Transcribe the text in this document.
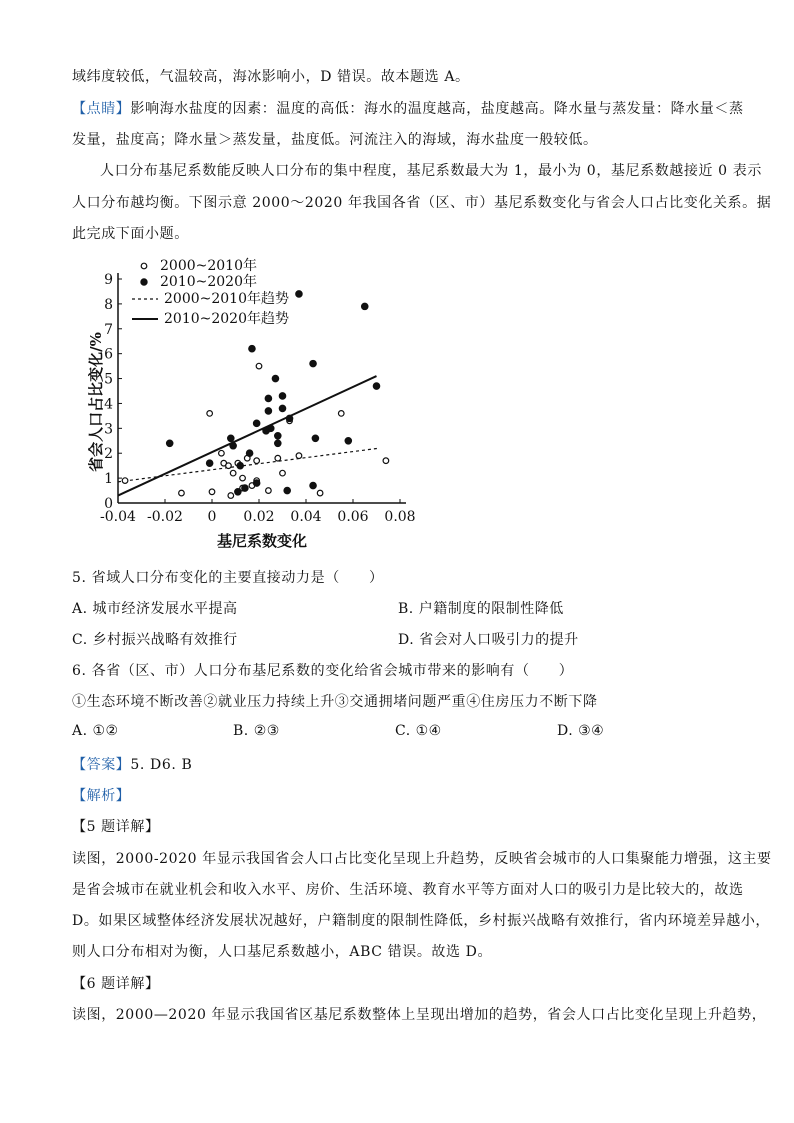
域纬度较低，气温较高，海冰影响小，D 错误。故本题选 A。
【点睛】影响海水盐度的因素：温度的高低：海水的温度越高，盐度越高。降水量与蒸发量：降水量＜蒸
发量，盐度高；降水量＞蒸发量，盐度低。河流注入的海域，海水盐度一般较低。
人口分布基尼系数能反映人口分布的集中程度，基尼系数最大为 1，最小为 0，基尼系数越接近 0 表示
人口分布越均衡。下图示意 2000～2020 年我国各省（区、市）基尼系数变化与省会人口占比变化关系。据
此完成下面小题。
-0.04 -0.02 0 0.02 0.04 0.06 0.08
0
1
2
3
4
5
6
7
8
9
2000~2010年
2010~2020年
2000~2010年趋势
2010~2020年趋势
基尼系数变化
省会人口占比变化/%
5. 省域人口分布变化的主要直接动力是（　　）
A. 城市经济发展水平提高	B. 户籍制度的限制性降低
C. 乡村振兴战略有效推行	D. 省会对人口吸引力的提升
6. 各省（区、市）人口分布基尼系数的变化给省会城市带来的影响有（　　）
①生态环境不断改善②就业压力持续上升③交通拥堵问题严重④住房压力不断下降
A. ①②	B. ②③	C. ①④	D. ③④
【答案】5. D6. B
【解析】
【5 题详解】
读图，2000-2020 年显示我国省会人口占比变化呈现上升趋势，反映省会城市的人口集聚能力增强，这主要
是省会城市在就业机会和收入水平、房价、生活环境、教育水平等方面对人口的吸引力是比较大的，故选
D。如果区域整体经济发展状况越好，户籍制度的限制性降低，乡村振兴战略有效推行，省内环境差异越小，
则人口分布相对为衡，人口基尼系数越小，ABC 错误。故选 D。
【6 题详解】
读图，2000—2020 年显示我国省区基尼系数整体上呈现出增加的趋势，省会人口占比变化呈现上升趋势，
